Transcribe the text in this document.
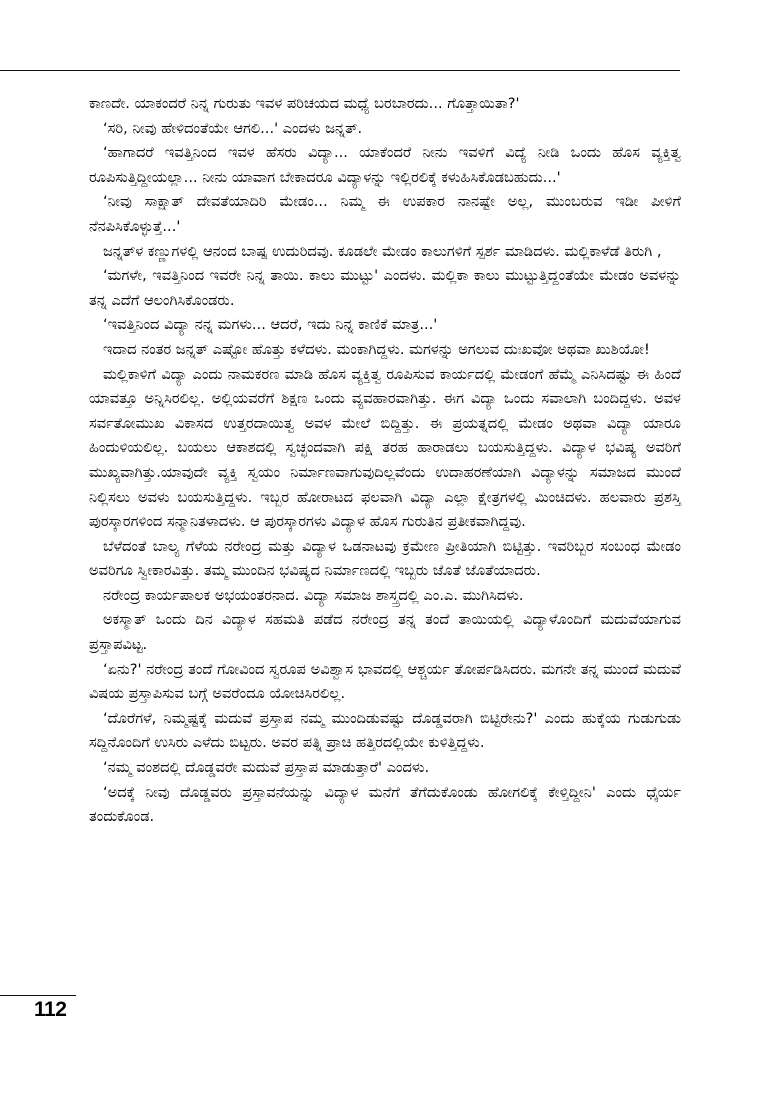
ಕಾಣದೇ. ಯಾಕಂದರೆ ನಿನ್ನ ಗುರುತು ಇವಳ ಪರಿಚಯದ ಮಧ್ಯೆ ಬರಬಾರದು... ಗೊತ್ತಾಯಿತಾ?'

‘ಸರಿ, ನೀವು ಹೇಳಿದಂತೆಯೇ ಆಗಲಿ...' ಎಂದಳು ಜನ್ನತ್.

‘ಹಾಗಾದರೆ ಇವತ್ತಿನಿಂದ ಇವಳ ಹೆಸರು ವಿದ್ಯಾ... ಯಾಕೆಂದರೆ ನೀನು ಇವಳಿಗೆ ವಿದ್ಯೆ ನೀಡಿ ಒಂದು ಹೊಸ ವ್ಯಕ್ತಿತ್ವ ರೂಪಿಸುತ್ತಿದ್ದೀಯಲ್ಲಾ... ನೀನು ಯಾವಾಗ ಬೇಕಾದರೂ ವಿದ್ಯಾಳನ್ನು ಇಲ್ಲಿರಲಿಕ್ಕೆ ಕಳುಹಿಸಿಕೊಡಬಹುದು...'

‘ನೀವು ಸಾಕ್ಷಾತ್ ದೇವತೆಯಾದಿರಿ ಮೇಡಂ... ನಿಮ್ಮ ಈ ಉಪಕಾರ ನಾನಷ್ಟೇ ಅಲ್ಲ, ಮುಂಬರುವ ಇಡೀ ಪೀಳಿಗೆ ನೆನಪಿಸಿಕೊಳ್ಳುತ್ತೆ...'

ಜನ್ನತ್‌ಳ ಕಣ್ಣುಗಳಲ್ಲಿ ಆನಂದ ಬಾಷ್ಪ ಉದುರಿದವು. ಕೂಡಲೇ ಮೇಡಂ ಕಾಲುಗಳಿಗೆ ಸ್ಪರ್ಶ ಮಾಡಿದಳು. ಮಲ್ಲಿಕಾಳೆಡೆ ತಿರುಗಿ ,

‘ಮಗಳೇ, ಇವತ್ತಿನಿಂದ ಇವರೇ ನಿನ್ನ ತಾಯಿ. ಕಾಲು ಮುಟ್ಟು' ಎಂದಳು. ಮಲ್ಲಿಕಾ ಕಾಲು ಮುಟ್ಟುತ್ತಿದ್ದಂತೆಯೇ ಮೇಡಂ ಅವಳನ್ನು ತನ್ನ ಎದೆಗೆ ಆಲಂಗಿಸಿಕೊಂಡರು.

‘ಇವತ್ತಿನಿಂದ ವಿದ್ಯಾ ನನ್ನ ಮಗಳು... ಆದರೆ, ಇದು ನಿನ್ನ ಕಾಣಿಕೆ ಮಾತ್ರ...'

ಇದಾದ ನಂತರ ಜನ್ನತ್ ಎಷ್ಟೋ ಹೊತ್ತು ಕಳೆದಳು. ಮಂಕಾಗಿದ್ದಳು. ಮಗಳನ್ನು ಅಗಲುವ ದುಃಖವೋ ಅಥವಾ ಖುಶಿಯೋ!

ಮಲ್ಲಿಕಾಳಿಗೆ ವಿದ್ಯಾ ಎಂದು ನಾಮಕರಣ ಮಾಡಿ ಹೊಸ ವ್ಯಕ್ತಿತ್ವ ರೂಪಿಸುವ ಕಾರ್ಯದಲ್ಲಿ ಮೇಡಂಗೆ ಹೆಮ್ಮೆ ಎನಿಸಿದಷ್ಟು ಈ ಹಿಂದೆ ಯಾವತ್ತೂ ಅನ್ನಿಸಿರಲಿಲ್ಲ. ಅಲ್ಲಿಯವರೆಗೆ ಶಿಕ್ಷಣ ಒಂದು ವ್ಯವಹಾರವಾಗಿತ್ತು. ಈಗ ವಿದ್ಯಾ ಒಂದು ಸವಾಲಾಗಿ ಬಂದಿದ್ದಳು. ಅವಳ ಸರ್ವತೋಮುಖ ವಿಕಾಸದ ಉತ್ತರದಾಯಿತ್ವ ಅವಳ ಮೇಲೆ ಬಿದ್ದಿತ್ತು. ಈ ಪ್ರಯತ್ನದಲ್ಲಿ ಮೇಡಂ ಅಥವಾ ವಿದ್ಯಾ ಯಾರೂ ಹಿಂದುಳಿಯಲಿಲ್ಲ. ಬಯಲು ಆಕಾಶದಲ್ಲಿ ಸ್ವಚ್ಛಂದವಾಗಿ ಪಕ್ಷಿ ತರಹ ಹಾರಾಡಲು ಬಯಸುತ್ತಿದ್ದಳು. ವಿದ್ಯಾಳ ಭವಿಷ್ಯ ಅವರಿಗೆ ಮುಖ್ಯವಾಗಿತ್ತು.ಯಾವುದೇ ವ್ಯಕ್ತಿ ಸ್ವಯಂ ನಿರ್ಮಾಣವಾಗುವುದಿಲ್ಲವೆಂದು ಉದಾಹರಣೆಯಾಗಿ ವಿದ್ಯಾಳನ್ನು ಸಮಾಜದ ಮುಂದೆ ನಿಲ್ಲಿಸಲು ಅವಳು ಬಯಸುತ್ತಿದ್ದಳು. ಇಬ್ಬರ ಹೋರಾಟದ ಫಲವಾಗಿ ವಿದ್ಯಾ ಎಲ್ಲಾ ಕ್ಷೇತ್ರಗಳಲ್ಲಿ ಮಿಂಚಿದಳು. ಹಲವಾರು ಪ್ರಶಸ್ತಿ ಪುರಸ್ಕಾರಗಳಿಂದ ಸನ್ಮಾನಿತಳಾದಳು. ಆ ಪುರಸ್ಕಾರಗಳು ವಿದ್ಯಾಳ ಹೊಸ ಗುರುತಿನ ಪ್ರತೀಕವಾಗಿದ್ದವು.

ಬೆಳೆದಂತೆ ಬಾಲ್ಯ ಗೆಳೆಯ ನರೇಂದ್ರ ಮತ್ತು ವಿದ್ಯಾಳ ಒಡನಾಟವು ಕ್ರಮೇಣ ಪ್ರೀತಿಯಾಗಿ ಬಿಟ್ಟಿತ್ತು. ಇವರಿಬ್ಬರ ಸಂಬಂಧ ಮೇಡಂ ಅವರಿಗೂ ಸ್ವೀಕಾರವಿತ್ತು. ತಮ್ಮ ಮುಂದಿನ ಭವಿಷ್ಯದ ನಿರ್ಮಾಣದಲ್ಲಿ ಇಬ್ಬರು ಜೊತೆ ಜೊತೆಯಾದರು.

ನರೇಂದ್ರ ಕಾರ್ಯಪಾಲಕ ಅಭಯಂತರನಾದ. ವಿದ್ಯಾ ಸಮಾಜ ಶಾಸ್ತ್ರದಲ್ಲಿ ಎಂ.ಎ. ಮುಗಿಸಿದಳು.

ಅಕಸ್ಮಾತ್ ಒಂದು ದಿನ ವಿದ್ಯಾಳ ಸಹಮತಿ ಪಡೆದ ನರೇಂದ್ರ ತನ್ನ ತಂದೆ ತಾಯಿಯಲ್ಲಿ ವಿದ್ಯಾಳೊಂದಿಗೆ ಮದುವೆಯಾಗುವ ಪ್ರಸ್ತಾಪವಿಟ್ಟ.

‘ಏನು?' ನರೇಂದ್ರ ತಂದೆ ಗೋವಿಂದ ಸ್ವರೂಪ ಅವಿಶ್ವಾಸ ಭಾವದಲ್ಲಿ ಆಶ್ಚರ್ಯ ತೋರ್ಪಡಿಸಿದರು. ಮಗನೇ ತನ್ನ ಮುಂದೆ ಮದುವೆ ವಿಷಯ ಪ್ರಸ್ತಾಪಿಸುವ ಬಗ್ಗೆ ಅವರೆಂದೂ ಯೋಚಿಸಿರಲಿಲ್ಲ.

‘ದೊರೆಗಳೆ, ನಿಮ್ಮಷ್ಟಕ್ಕೆ ಮದುವೆ ಪ್ರಸ್ತಾಪ ನಮ್ಮ ಮುಂದಿಡುವಷ್ಟು ದೊಡ್ಡವರಾಗಿ ಬಿಟ್ಟಿರೇನು?' ಎಂದು ಹುಕ್ಕೆಯ ಗುಡುಗುಡು ಸದ್ದಿನೊಂದಿಗೆ ಉಸಿರು ಎಳೆದು ಬಿಟ್ಟರು. ಅವರ ಪತ್ನಿ ಪ್ರಾಚಿ ಹತ್ತಿರದಲ್ಲಿಯೇ ಕುಳಿತ್ತಿದ್ದಳು.

‘ನಮ್ಮ ವಂಶದಲ್ಲಿ ದೊಡ್ಡವರೇ ಮದುವೆ ಪ್ರಸ್ತಾಪ ಮಾಡುತ್ತಾರೆ' ಎಂದಳು.

‘ಅದಕ್ಕೆ ನೀವು ದೊಡ್ಡವರು ಪ್ರಸ್ತಾವನೆಯನ್ನು ವಿದ್ಯಾಳ ಮನೆಗೆ ತೆಗೆದುಕೊಂಡು ಹೋಗಲಿಕ್ಕೆ ಕೇಳ್ತಿದ್ದೀನಿ' ಎಂದು ಧೈರ್ಯ ತಂದುಕೊಂಡ.

112
